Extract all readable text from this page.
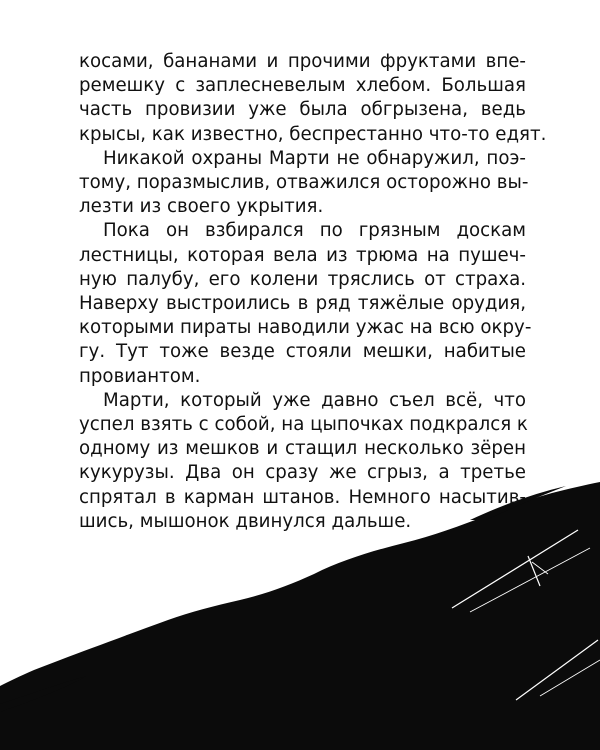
косами, бананами и прочими фруктами впе-
ремешку с заплесневелым хлебом. Большая
часть провизии уже была обгрызена, ведь
крысы, как известно, беспрестанно что-то едят.

Никакой охраны Марти не обнаружил, поэ-
тому, поразмыслив, отважился осторожно вы-
лезти из своего укрытия.

Пока он взбирался по грязным доскам
лестницы, которая вела из трюма на пушеч-
ную палубу, его колени тряслись от страха.
Наверху выстроились в ряд тяжёлые орудия,
которыми пираты наводили ужас на всю окру-
гу. Тут тоже везде стояли мешки, набитые
провиантом.

Марти, который уже давно съел всё, что
успел взять с собой, на цыпочках подкрался к
одному из мешков и стащил несколько зёрен
кукурузы. Два он сразу же сгрыз, а третье
спрятал в карман штанов. Немного насытив-
шись, мышонок двинулся дальше.
